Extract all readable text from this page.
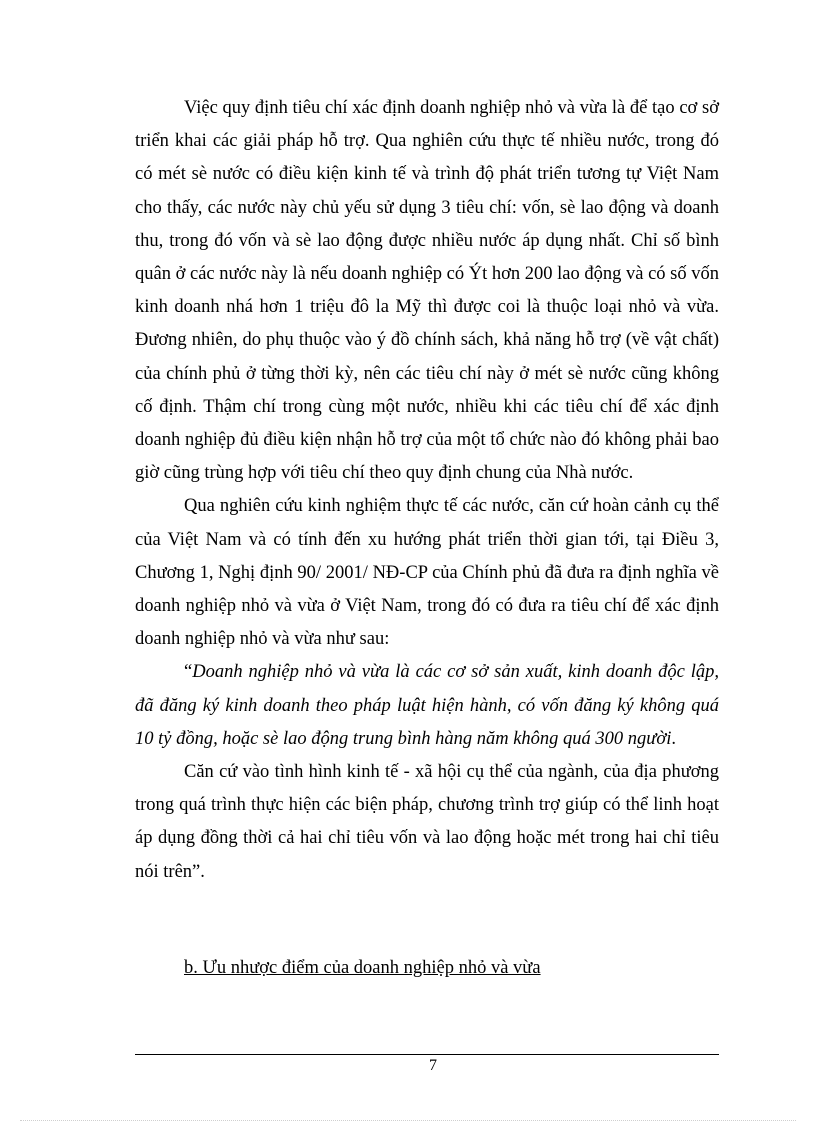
Việc quy định tiêu chí xác định doanh nghiệp nhỏ và vừa là để tạo cơ sở triển khai các giải pháp hỗ trợ. Qua nghiên cứu thực tế nhiều nước, trong đó có mét sè nước có điều kiện kinh tế và trình độ phát triển tương tự Việt Nam cho thấy, các nước này chủ yếu sử dụng 3 tiêu chí: vốn, sè lao động và doanh thu, trong đó vốn và sè lao động được nhiều nước áp dụng nhất. Chỉ số bình quân ở các nước này là nếu doanh nghiệp có Ýt hơn 200 lao động và có số vốn kinh doanh nhá hơn 1 triệu đô la Mỹ thì được coi là thuộc loại nhỏ và vừa. Đương nhiên, do phụ thuộc vào ý đồ chính sách, khả năng hỗ trợ (về vật chất) của chính phủ ở từng thời kỳ, nên các tiêu chí này ở mét sè nước cũng không cố định. Thậm chí trong cùng một nước, nhiều khi các tiêu chí để xác định doanh nghiệp đủ điều kiện nhận hỗ trợ của một tổ chức nào đó không phải bao giờ cũng trùng hợp với tiêu chí theo quy định chung của Nhà nước.

Qua nghiên cứu kinh nghiệm thực tế các nước, căn cứ hoàn cảnh cụ thể của Việt Nam và có tính đến xu hướng phát triển thời gian tới, tại Điều 3, Chương 1, Nghị định 90/ 2001/ NĐ-CP của Chính phủ đã đưa ra định nghĩa về doanh nghiệp nhỏ và vừa ở Việt Nam, trong đó có đưa ra tiêu chí để xác định doanh nghiệp nhỏ và vừa như sau:

“Doanh nghiệp nhỏ và vừa là các cơ sở sản xuất, kinh doanh độc lập, đã đăng ký kinh doanh theo pháp luật hiện hành, có vốn đăng ký không quá 10 tỷ đồng, hoặc sè lao động trung bình hàng năm không quá 300 người.

Căn cứ vào tình hình kinh tế - xã hội cụ thể của ngành, của địa phương trong quá trình thực hiện các biện pháp, chương trình trợ giúp có thể linh hoạt áp dụng đồng thời cả hai chỉ tiêu vốn và lao động hoặc mét trong hai chỉ tiêu nói trên”.

b. Ưu nhược điểm của doanh nghiệp nhỏ và vừa
7
